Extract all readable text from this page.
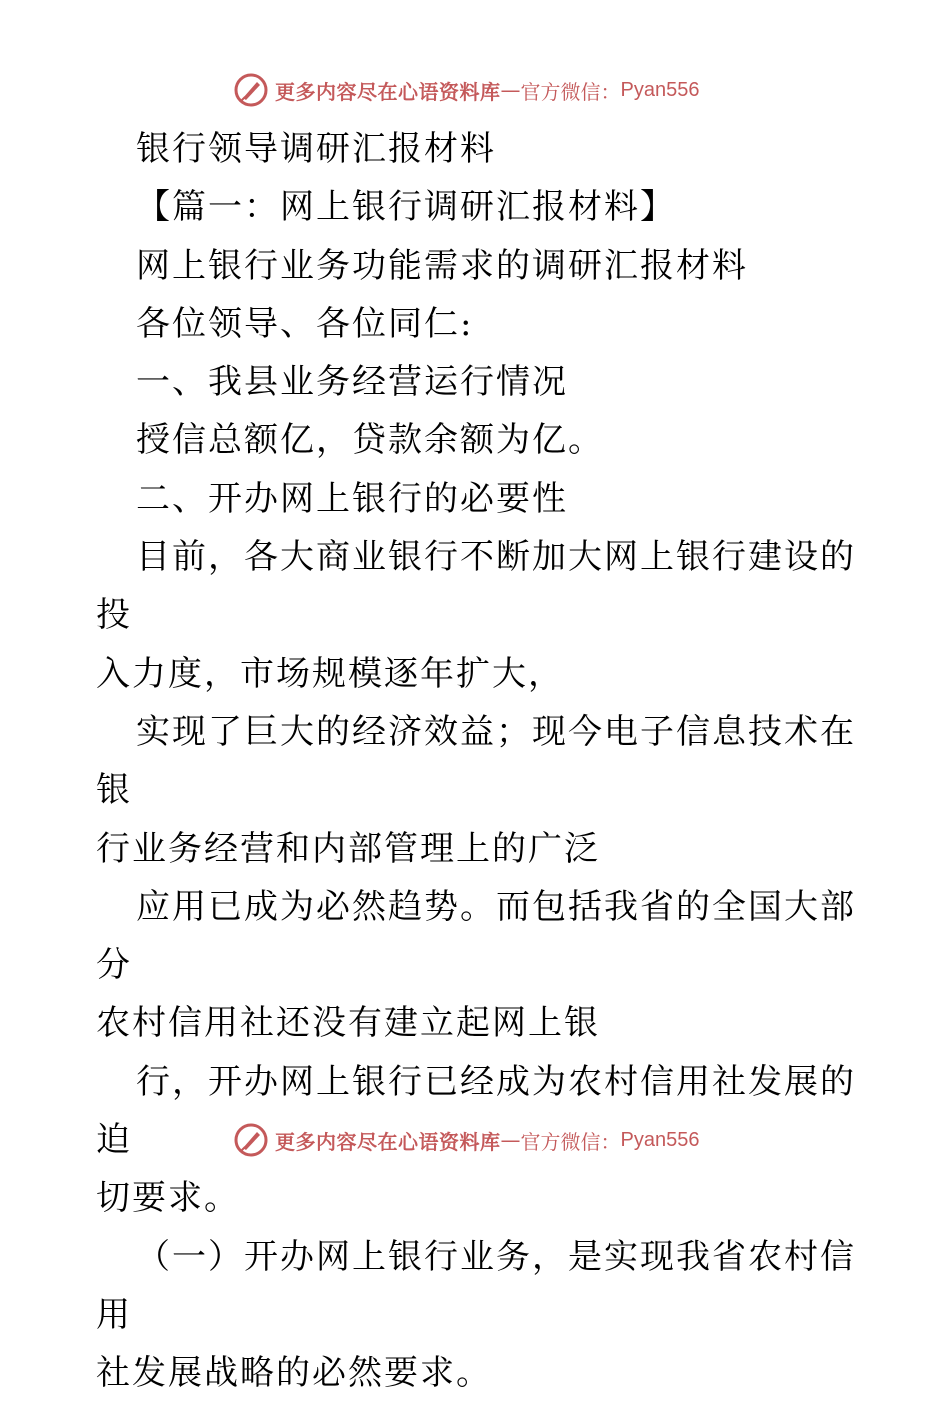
更多内容尽在心语资料库 — 官方微信： Pyan556

银行领导调研汇报材料

【篇一：网上银行调研汇报材料】

网上银行业务功能需求的调研汇报材料

各位领导、各位同仁:

一、我县业务经营运行情况

授信总额亿，贷款余额为亿。

二、开办网上银行的必要性

目前，各大商业银行不断加大网上银行建设的投

入力度，市场规模逐年扩大，

实现了巨大的经济效益；现今电子信息技术在银

行业务经营和内部管理上的广泛

应用已成为必然趋势。而包括我省的全国大部分

农村信用社还没有建立起网上银

行，开办网上银行已经成为农村信用社发展的迫

切要求。

（一）开办网上银行业务，是实现我省农村信用

社发展战略的必然要求。

更多内容尽在心语资料库 — 官方微信： Pyan556
